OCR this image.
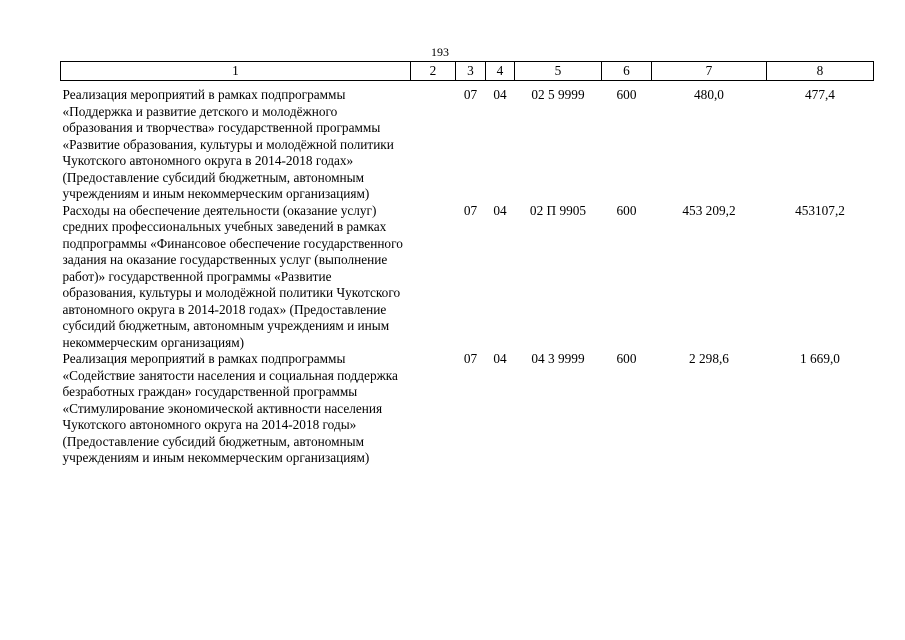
193
1	2	3	4	5	6	7	8
Реализация мероприятий в рамках подпрограммы «Поддержка и развитие детского и молодёжного образования и творчества» государственной программы «Развитие образования, культуры и молодёжной политики Чукотского автономного округа в 2014-2018 годах» (Предоставление субсидий бюджетным, автономным учреждениям и иным некоммерческим организациям)		07	04	02 5 9999	600	480,0	477,4
Расходы на обеспечение деятельности (оказание услуг) средних профессиональных учебных заведений в рамках подпрограммы «Финансовое обеспечение государственного задания на оказание государственных услуг (выполнение работ)» государственной программы «Развитие образования, культуры и молодёжной политики Чукотского автономного округа в 2014-2018 годах» (Предоставление субсидий бюджетным, автономным учреждениям и иным некоммерческим организациям)		07	04	02 П 9905	600	453 209,2	453107,2
Реализация мероприятий в рамках подпрограммы «Содействие занятости населения и социальная поддержка безработных граждан» государственной программы «Стимулирование экономической активности населения Чукотского автономного округа на 2014-2018 годы» (Предоставление субсидий бюджетным, автономным учреждениям и иным некоммерческим организациям)		07	04	04 3 9999	600	2 298,6	1 669,0
